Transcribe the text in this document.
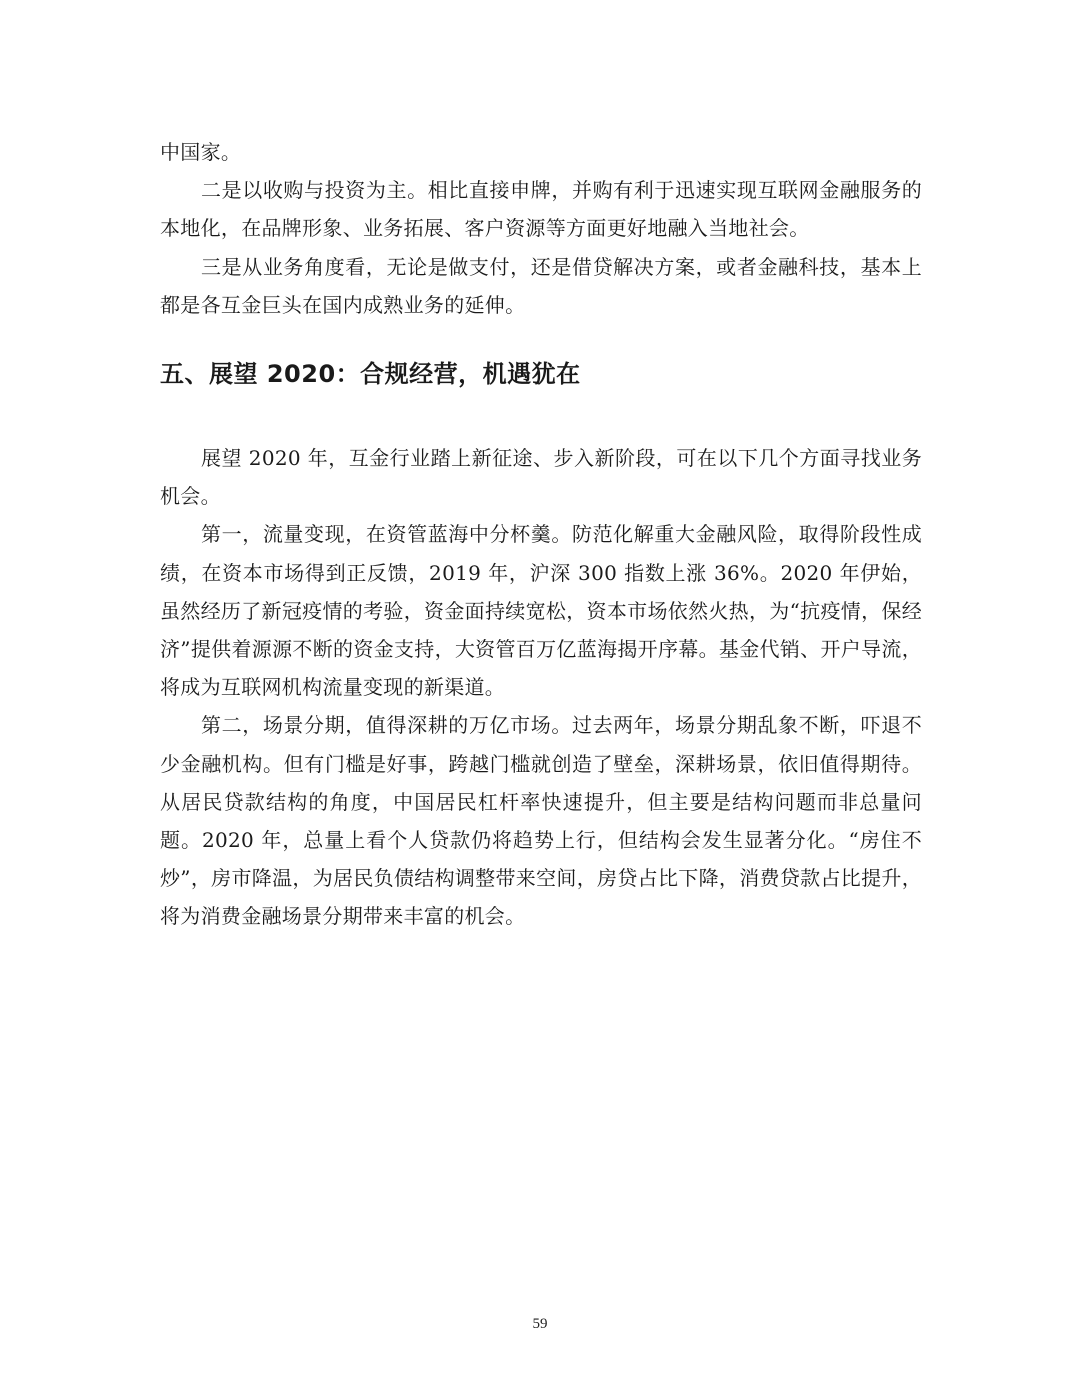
中国家。

二是以收购与投资为主。相比直接申牌，并购有利于迅速实现互联网金融服务的本地化，在品牌形象、业务拓展、客户资源等方面更好地融入当地社会。

三是从业务角度看，无论是做支付，还是借贷解决方案，或者金融科技，基本上都是各互金巨头在国内成熟业务的延伸。

五、展望 2020：合规经营，机遇犹在

展望 2020 年，互金行业踏上新征途、步入新阶段，可在以下几个方面寻找业务机会。

第一，流量变现，在资管蓝海中分杯羹。防范化解重大金融风险，取得阶段性成绩，在资本市场得到正反馈，2019 年，沪深 300 指数上涨 36%。2020 年伊始，虽然经历了新冠疫情的考验，资金面持续宽松，资本市场依然火热，为“抗疫情，保经济”提供着源源不断的资金支持，大资管百万亿蓝海揭开序幕。基金代销、开户导流，将成为互联网机构流量变现的新渠道。

第二，场景分期，值得深耕的万亿市场。过去两年，场景分期乱象不断，吓退不少金融机构。但有门槛是好事，跨越门槛就创造了壁垒，深耕场景，依旧值得期待。从居民贷款结构的角度，中国居民杠杆率快速提升，但主要是结构问题而非总量问题。2020 年，总量上看个人贷款仍将趋势上行，但结构会发生显著分化。“房住不炒”，房市降温，为居民负债结构调整带来空间，房贷占比下降，消费贷款占比提升，将为消费金融场景分期带来丰富的机会。

59
